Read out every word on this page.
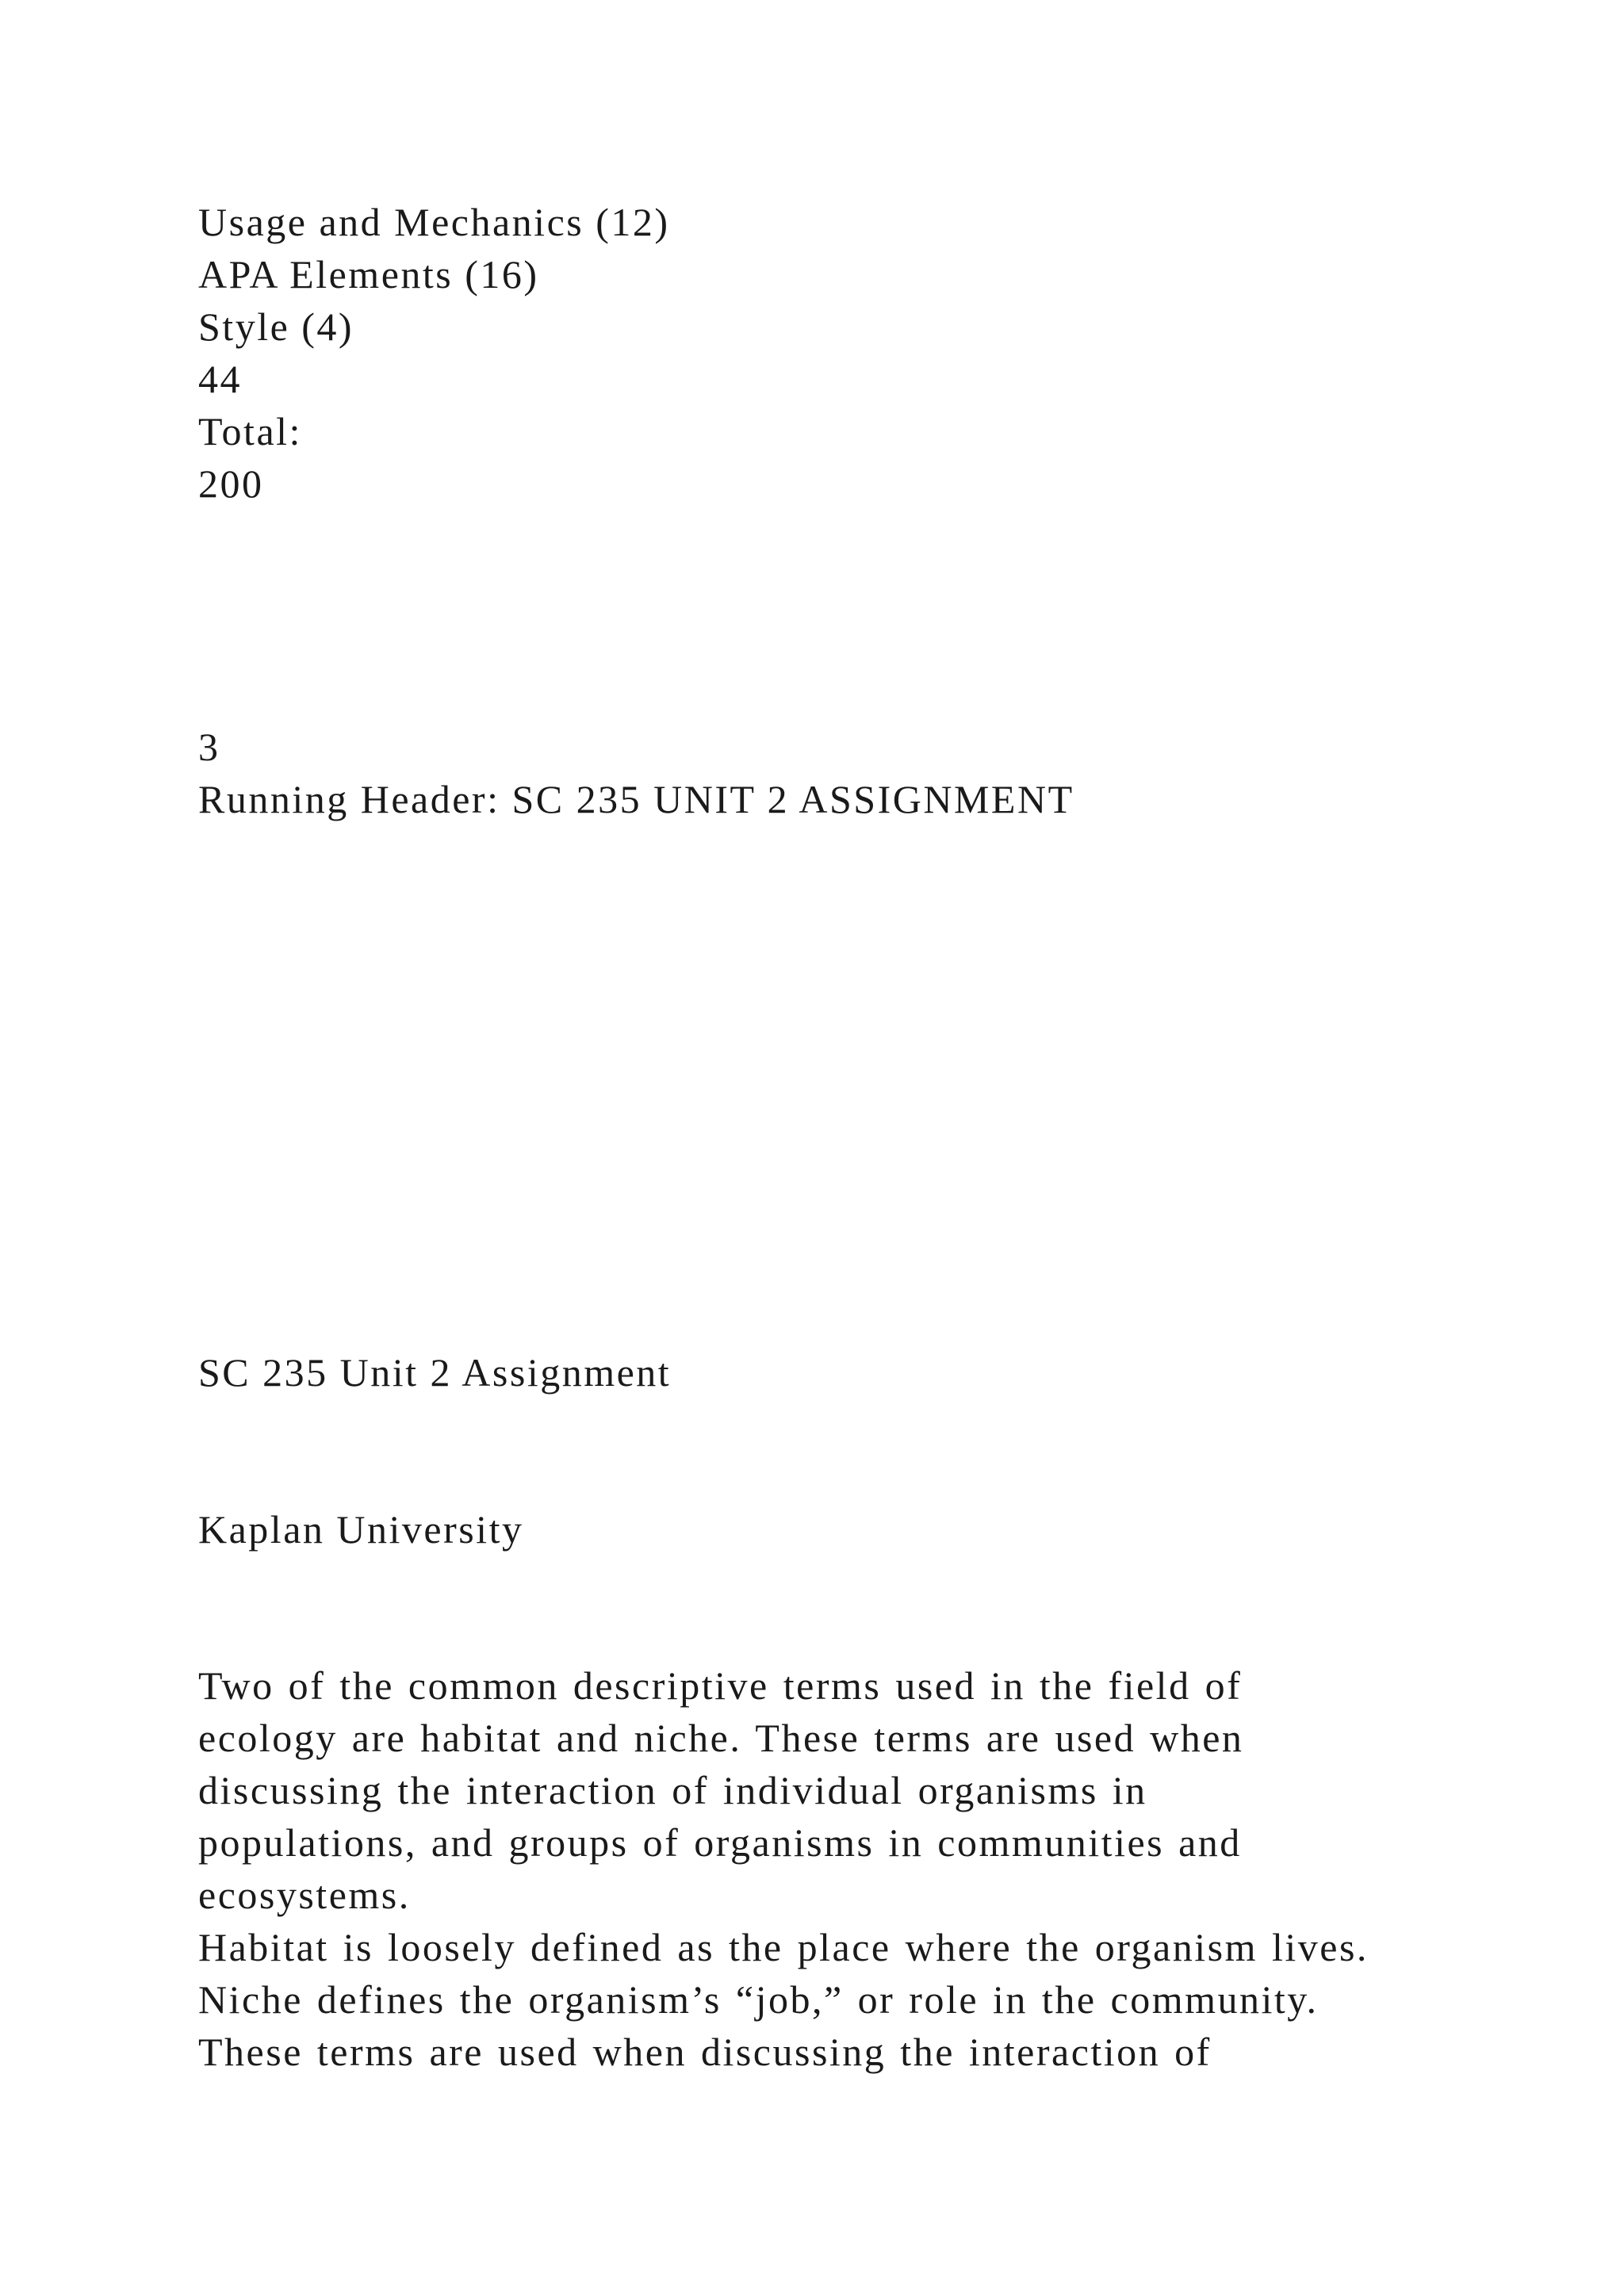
Usage and Mechanics (12)

APA Elements (16)

Style (4)

44

Total:

200

3

Running Header: SC 235 UNIT 2 ASSIGNMENT

SC 235 Unit 2 Assignment

Kaplan University

Two of the common descriptive terms used in the field of

ecology are habitat and niche. These terms are used when

discussing the interaction of individual organisms in

populations, and groups of organisms in communities and

ecosystems.

Habitat is loosely defined as the place where the organism lives.

Niche defines the organism’s “job,” or role in the community.

These terms are used when discussing the interaction of
